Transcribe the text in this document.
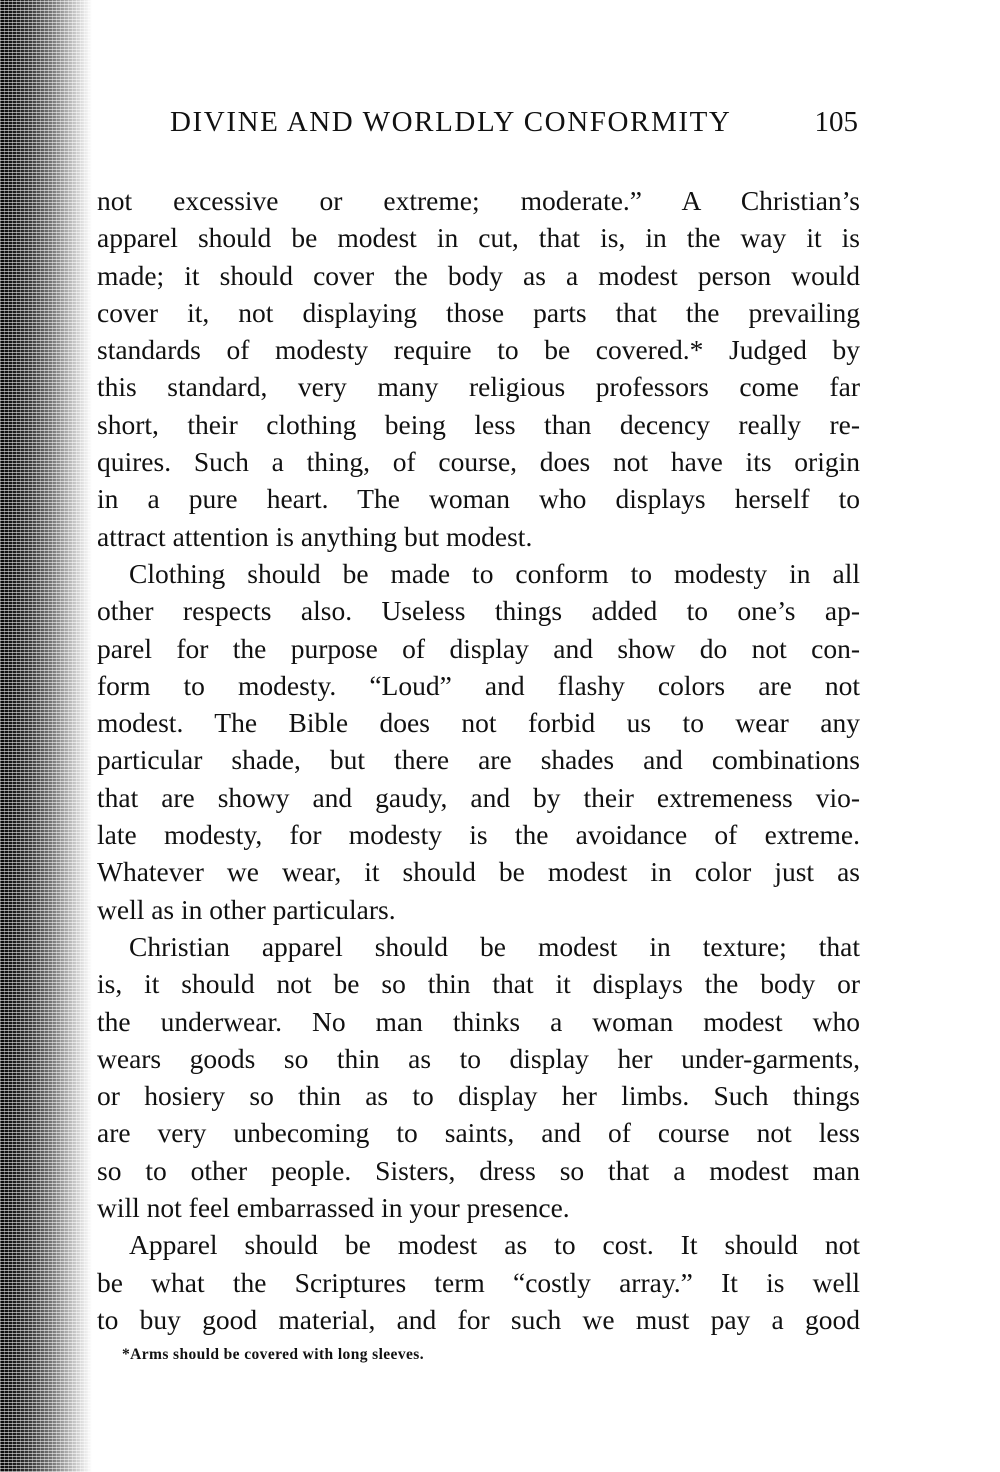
DIVINE AND WORLDLY CONFORMITY	105
not excessive or extreme; moderate.” A Christian’s
apparel should be modest in cut, that is, in the way it is
made; it should cover the body as a modest person would
cover it, not displaying those parts that the prevailing
standards of modesty require to be covered.* Judged by
this standard, very many religious professors come far
short, their clothing being less than decency really re-
quires. Such a thing, of course, does not have its origin
in a pure heart. The woman who displays herself to
attract attention is anything but modest.
Clothing should be made to conform to modesty in all
other respects also. Useless things added to one’s ap-
parel for the purpose of display and show do not con-
form to modesty. “Loud” and flashy colors are not
modest. The Bible does not forbid us to wear any
particular shade, but there are shades and combinations
that are showy and gaudy, and by their extremeness vio-
late modesty, for modesty is the avoidance of extreme.
Whatever we wear, it should be modest in color just as
well as in other particulars.
Christian apparel should be modest in texture; that
is, it should not be so thin that it displays the body or
the underwear. No man thinks a woman modest who
wears goods so thin as to display her under-garments,
or hosiery so thin as to display her limbs. Such things
are very unbecoming to saints, and of course not less
so to other people. Sisters, dress so that a modest man
will not feel embarrassed in your presence.
Apparel should be modest as to cost. It should not
be what the Scriptures term “costly array.” It is well
to buy good material, and for such we must pay a good
*Arms should be covered with long sleeves.
